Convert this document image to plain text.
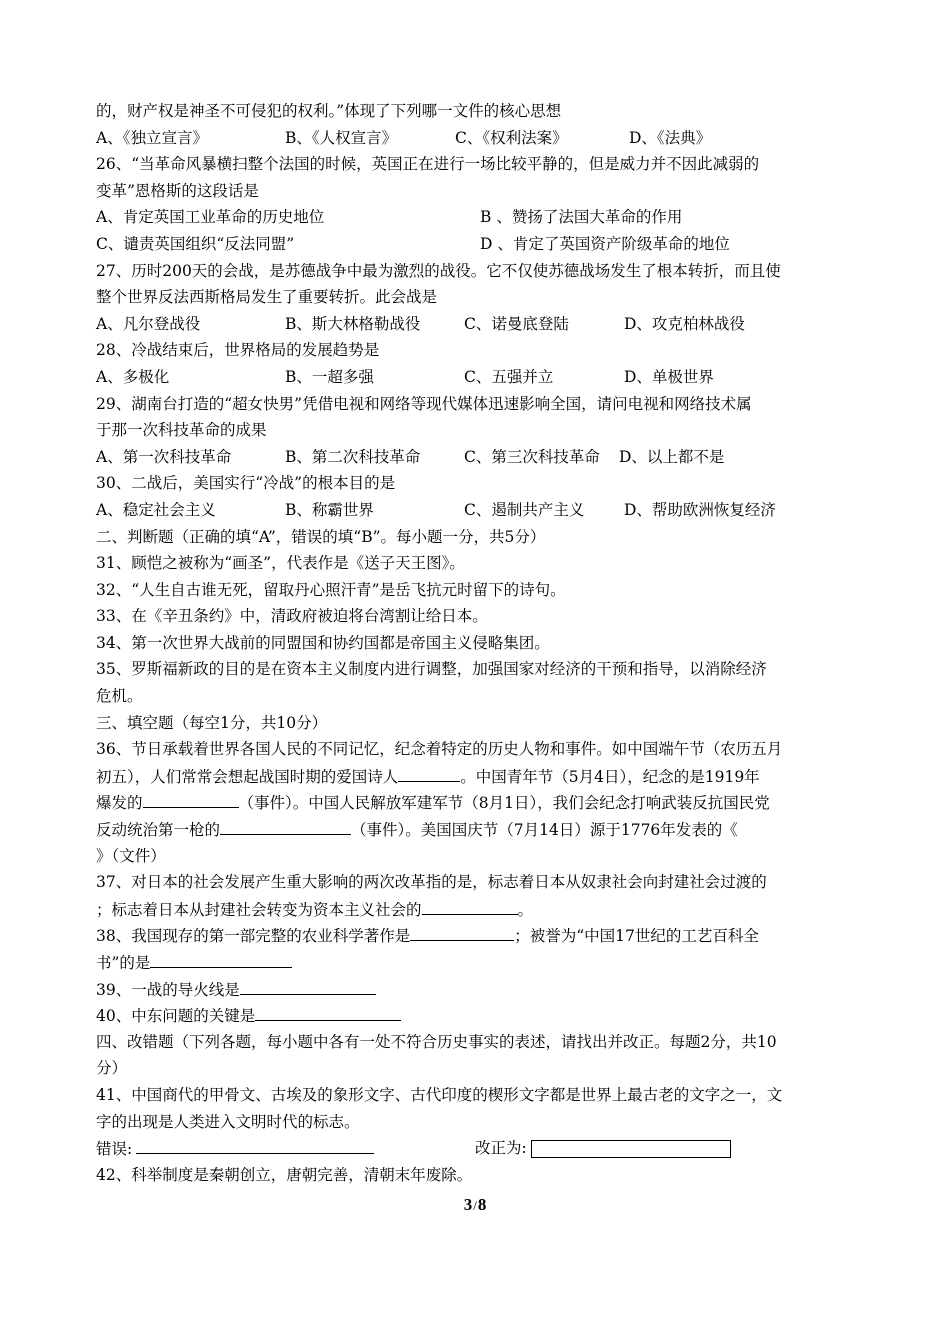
的，财产权是神圣不可侵犯的权利。”体现了下列哪一文件的核心思想
A、《独立宣言》	B、《人权宣言》	C、《权利法案》	D、《法典》
26、“当革命风暴横扫整个法国的时候，英国正在进行一场比较平静的，但是威力并不因此减弱的
变革”恩格斯的这段话是
A、肯定英国工业革命的历史地位	B 、赞扬了法国大革命的作用
C、谴责英国组织“反法同盟”	D 、肯定了英国资产阶级革命的地位
27、历时200天的会战，是苏德战争中最为激烈的战役。它不仅使苏德战场发生了根本转折，而且使
整个世界反法西斯格局发生了重要转折。此会战是
A、凡尔登战役	B、斯大林格勒战役	C、诺曼底登陆	D、攻克柏林战役
28、冷战结束后，世界格局的发展趋势是
A、多极化	B、一超多强	C、五强并立	D、单极世界
29、湖南台打造的“超女快男”凭借电视和网络等现代媒体迅速影响全国，请问电视和网络技术属
于那一次科技革命的成果
A、第一次科技革命	B、第二次科技革命	C、第三次科技革命	D、以上都不是
30、二战后，美国实行“冷战”的根本目的是
A、稳定社会主义	B、称霸世界	C、遏制共产主义	D、帮助欧洲恢复经济
二、判断题（正确的填“A”，错误的填“B”。每小题一分，共5分）
31、顾恺之被称为“画圣”，代表作是《送子天王图》。
32、“人生自古谁无死，留取丹心照汗青”是岳飞抗元时留下的诗句。
33、在《辛丑条约》中，清政府被迫将台湾割让给日本。
34、第一次世界大战前的同盟国和协约国都是帝国主义侵略集团。
35、罗斯福新政的目的是在资本主义制度内进行调整，加强国家对经济的干预和指导，以消除经济
危机。
三、填空题（每空1分，共10分）
36、节日承载着世界各国人民的不同记忆，纪念着特定的历史人物和事件。如中国端午节（农历五月
初五），人们常常会想起战国时期的爱国诗人	。中国青年节（5月4日），纪念的是1919年
爆发的	（事件）。中国人民解放军建军节（8月1日），我们会纪念打响武装反抗国民党
反动统治第一枪的	（事件）。美国国庆节（7月14日）源于1776年发表的《
》（文件）
37、对日本的社会发展产生重大影响的两次改革指的是，标志着日本从奴隶社会向封建社会过渡的
；标志着日本从封建社会转变为资本主义社会的	。
38、我国现存的第一部完整的农业科学著作是	；被誉为“中国17世纪的工艺百科全
书”的是
39、一战的导火线是
40、中东问题的关键是
四、改错题（下列各题，每小题中各有一处不符合历史事实的表述，请找出并改正。每题2分，共10
分）
41、中国商代的甲骨文、古埃及的象形文字、古代印度的楔形文字都是世界上最古老的文字之一，文
字的出现是人类进入文明时代的标志。
错误:	改正为:
42、科举制度是秦朝创立，唐朝完善，清朝末年废除。
3/8
